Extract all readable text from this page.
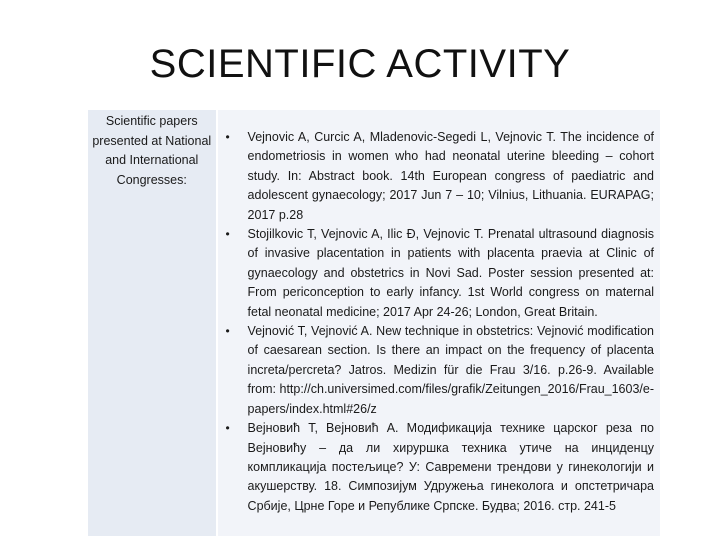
SCIENTIFIC ACTIVITY
Scientific papers
presented at National
and International
Congresses:
• Vejnovic A, Curcic A, Mladenovic-Segedi L, Vejnovic T. The incidence of endometriosis in women who had neonatal uterine bleeding – cohort study. In: Abstract book. 14th European congress of paediatric and adolescent gynaecology; 2017 Jun 7 – 10; Vilnius, Lithuania. EURAPAG; 2017 p.28
• Stojilkovic T, Vejnovic A, Ilic Đ, Vejnovic T. Prenatal ultrasound diagnosis of invasive placentation in patients with placenta praevia at Clinic of gynaecology and obstetrics in Novi Sad. Poster session presented at: From periconception to early infancy. 1st World congress on maternal fetal neonatal medicine; 2017 Apr 24-26; London, Great Britain.
• Vejnović T, Vejnović A. New technique in obstetrics: Vejnović modification of caesarean section. Is there an impact on the frequency of placenta increta/percreta? Jatros. Medizin für die Frau 3/16. p.26-9. Available from: http://ch.universimed.com/files/grafik/Zeitungen_2016/Frau_1603/e-papers/index.html#26/z
• Вејновић Т, Вејновић А. Модификација технике царског реза по Вејновићу – да ли хируршка техника утиче на инциденцу компликација постељице? У: Савремени трендови у гинекологији и акушерству. 18. Симпозијум Удружења гинеколога и опстетричара Србије, Црне Горе и Републике Српске. Будва; 2016. стр. 241-5
